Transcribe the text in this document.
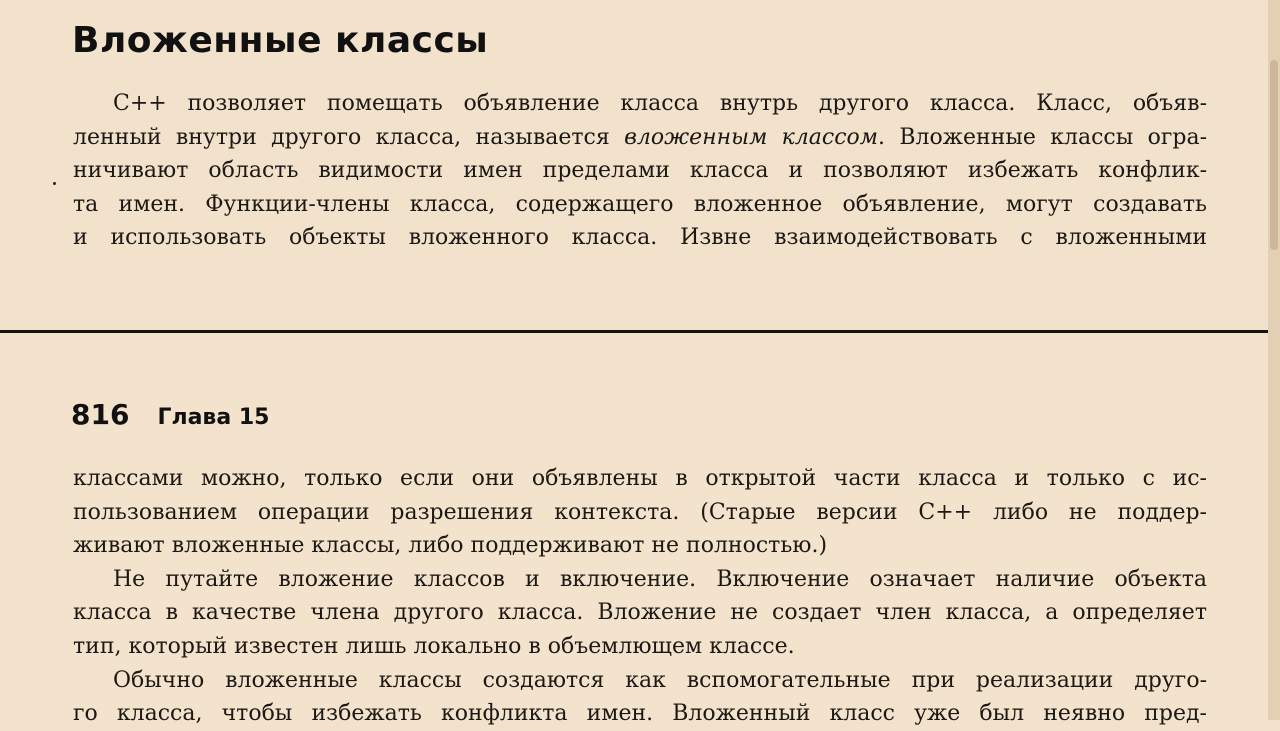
Вложенные классы
C++ позволяет помещать объявление класса внутрь другого класса. Класс, объяв-
ленный внутри другого класса, называется вложенным классом. Вложенные классы огра-
ничивают область видимости имен пределами класса и позволяют избежать конфлик-
та имен. Функции-члены класса, содержащего вложенное объявление, могут создавать
и использовать объекты вложенного класса. Извне взаимодействовать с вложенными
816 Глава 15
классами можно, только если они объявлены в открытой части класса и только с ис-
пользованием операции разрешения контекста. (Старые версии C++ либо не поддер-
живают вложенные классы, либо поддерживают не полностью.)
Не путайте вложение классов и включение. Включение означает наличие объекта
класса в качестве члена другого класса. Вложение не создает член класса, а определяет
тип, который известен лишь локально в объемлющем классе.
Обычно вложенные классы создаются как вспомогательные при реализации друго-
го класса, чтобы избежать конфликта имен. Вложенный класс уже был неявно пред-
